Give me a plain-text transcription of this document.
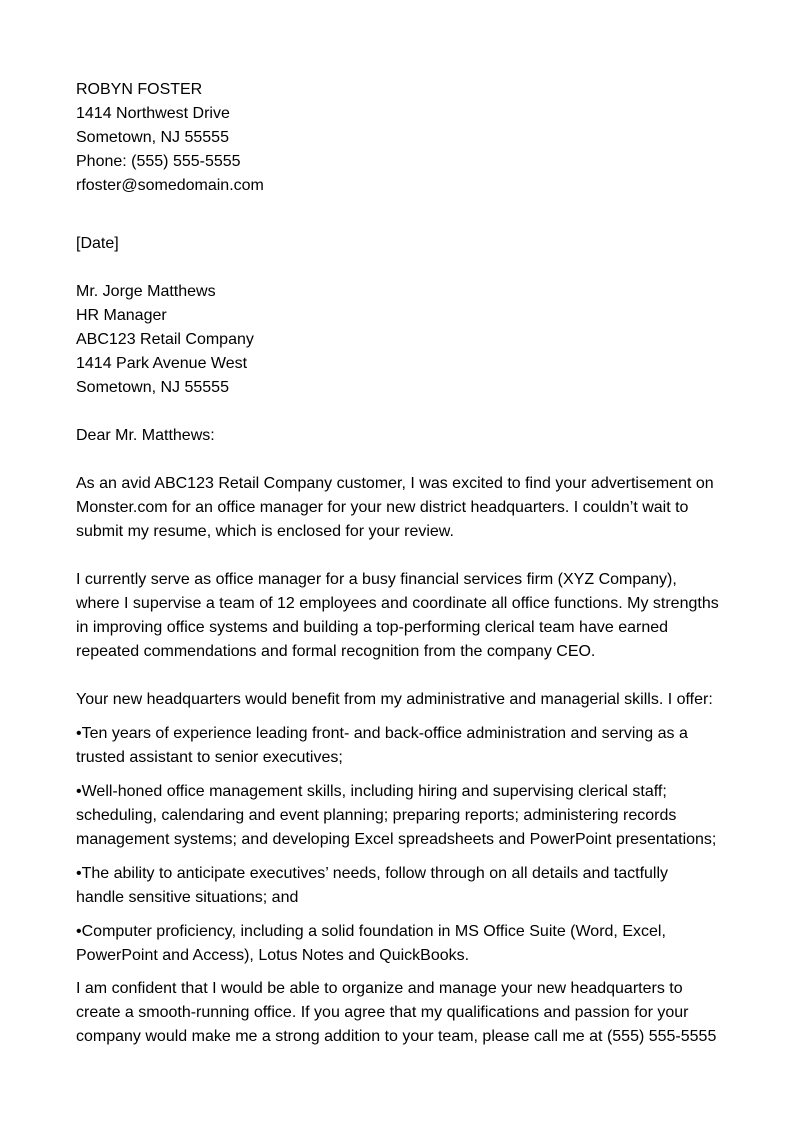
ROBYN FOSTER
1414 Northwest Drive
Sometown, NJ 55555
Phone: (555) 555-5555
rfoster@somedomain.com
[Date]
Mr. Jorge Matthews
HR Manager
ABC123 Retail Company
1414 Park Avenue West
Sometown, NJ 55555
Dear Mr. Matthews:
As an avid ABC123 Retail Company customer, I was excited to find your advertisement on
Monster.com for an office manager for your new district headquarters. I couldn’t wait to
submit my resume, which is enclosed for your review.
I currently serve as office manager for a busy financial services firm (XYZ Company),
where I supervise a team of 12 employees and coordinate all office functions. My strengths
in improving office systems and building a top-performing clerical team have earned
repeated commendations and formal recognition from the company CEO.
Your new headquarters would benefit from my administrative and managerial skills. I offer:
•Ten years of experience leading front- and back-office administration and serving as a
trusted assistant to senior executives;
•Well-honed office management skills, including hiring and supervising clerical staff;
scheduling, calendaring and event planning; preparing reports; administering records
management systems; and developing Excel spreadsheets and PowerPoint presentations;
•The ability to anticipate executives’ needs, follow through on all details and tactfully
handle sensitive situations; and
•Computer proficiency, including a solid foundation in MS Office Suite (Word, Excel,
PowerPoint and Access), Lotus Notes and QuickBooks.
I am confident that I would be able to organize and manage your new headquarters to
create a smooth-running office. If you agree that my qualifications and passion for your
company would make me a strong addition to your team, please call me at (555) 555-5555
